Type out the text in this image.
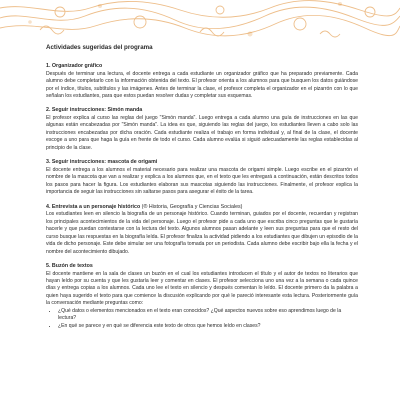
Actividades sugeridas del programa

1. Organizador gráfico

Después de terminar una lectura, el docente entrega a cada estudiante un organizador gráfico que ha preparado previamente. Cada alumno debe completarlo con la información obtenida del texto. El profesor orienta a los alumnos para que busquen los datos guiándose por el índice, títulos, subtítulos y las imágenes. Antes de terminar la clase, el profesor completa el organizador en el pizarrón con lo que señalan los estudiantes, para que estos puedan resolver dudas y completar sus esquemas.

2. Seguir instrucciones: Simón manda

El profesor explica al curso las reglas del juego "Simón manda". Luego entrega a cada alumno una guía de instrucciones en las que algunas están encabezadas por "Simón manda". La idea es que, siguiendo las reglas del juego, los estudiantes lleven a cabo solo las instrucciones encabezadas por dicha oración. Cada estudiante realiza el trabajo en forma individual y, al final de la clase, el docente escoge a uno para que haga la guía en frente de todo el curso. Cada alumno evalúa si siguió adecuadamente las reglas establecidas al principio de la clase.

3. Seguir instrucciones: mascota de origami

El docente entrega a los alumnos el material necesario para realizar una mascota de origami simple. Luego escribe en el pizarrón el nombre de la mascota que van a realizar y explica a los alumnos que, en el texto que les entregará a continuación, están descritos todos los pasos para hacer la figura. Los estudiantes elaboran sus mascotas siguiendo las instrucciones. Finalmente, el profesor explica la importancia de seguir las instrucciones sin saltarse pasos para asegurar el éxito de la tarea.

4. Entrevista a un personaje histórico (® Historia, Geografía y Ciencias Sociales)

Los estudiantes leen en silencio la biografía de un personaje histórico. Cuando terminan, guiados por el docente, recuerdan y registran los principales acontecimientos de la vida del personaje. Luego el profesor pide a cada uno que escriba cinco preguntas que le gustaría hacerle y que puedan contestarse con la lectura del texto. Algunos alumnos pasan adelante y leen sus preguntas para que el resto del curso busque las respuestas en la biografía leída. El profesor finaliza la actividad pidiendo a los estudiantes que dibujen un episodio de la vida de dicho personaje. Este debe simular ser una fotografía tomada por un periodista. Cada alumno debe escribir bajo ella la fecha y el nombre del acontecimiento dibujado.

5. Buzón de textos

El docente mantiene en la sala de clases un buzón en el cual los estudiantes introducen el título y el autor de textos no literarios que hayan leído por su cuenta y que les gustaría leer y comentar en clases. El profesor selecciona uno una vez a la semana o cada quince días y entrega copias a los alumnos. Cada uno lee el texto en silencio y después comentan lo leído. El docente primero da la palabra a quien haya sugerido el texto para que comience la discusión explicando por qué le pareció interesante esta lectura. Posteriormente guía la conversación mediante preguntas como:

• ¿Qué datos o elementos mencionados en el texto eran conocidos? ¿Qué aspectos nuevos sobre eso aprendimos luego de la lectura?
• ¿En qué se parece y en qué se diferencia este texto de otros que hemos leído en clases?
